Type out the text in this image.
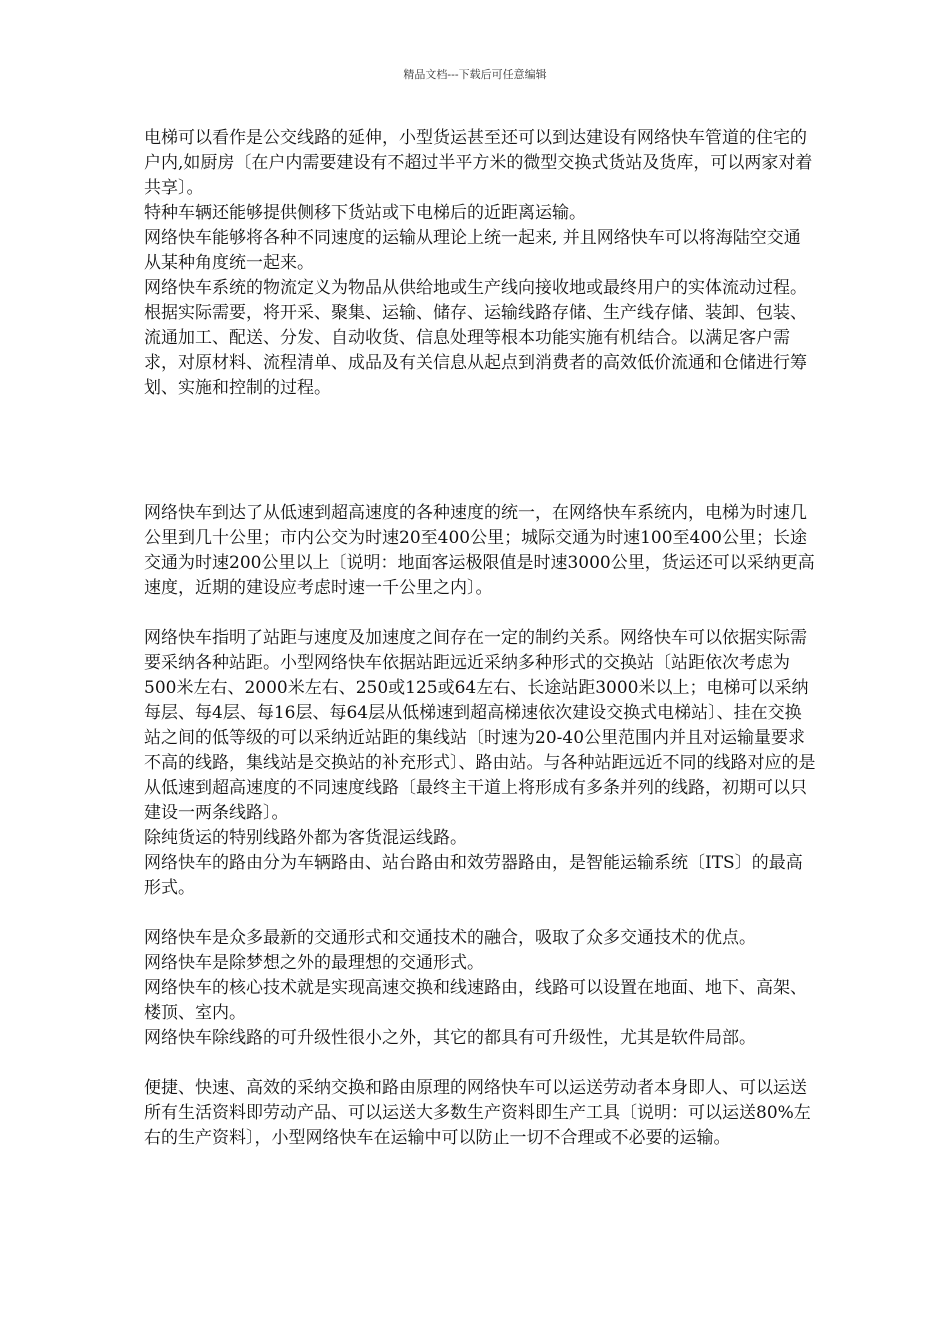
精品文档---下载后可任意编辑

电梯可以看作是公交线路的延伸，小型货运甚至还可以到达建设有网络快车管道的住宅的户内,如厨房〔在户内需要建设有不超过半平方米的微型交换式货站及货库，可以两家对着共享〕。

特种车辆还能够提供侧移下货站或下电梯后的近距离运输。

网络快车能够将各种不同速度的运输从理论上统一起来, 并且网络快车可以将海陆空交通从某种角度统一起来。

网络快车系统的物流定义为物品从供给地或生产线向接收地或最终用户的实体流动过程。根据实际需要，将开采、聚集、运输、储存、运输线路存储、生产线存储、装卸、包装、流通加工、配送、分发、自动收货、信息处理等根本功能实施有机结合。以满足客户需求，对原材料、流程清单、成品及有关信息从起点到消费者的高效低价流通和仓储进行筹划、实施和控制的过程。

网络快车到达了从低速到超高速度的各种速度的统一，在网络快车系统内，电梯为时速几公里到几十公里；市内公交为时速20至400公里；城际交通为时速100至400公里；长途交通为时速200公里以上〔说明：地面客运极限值是时速3000公里，货运还可以采纳更高速度，近期的建设应考虑时速一千公里之内〕。

网络快车指明了站距与速度及加速度之间存在一定的制约关系。网络快车可以依据实际需要采纳各种站距。小型网络快车依据站距远近采纳多种形式的交换站〔站距依次考虑为500米左右、2000米左右、250或125或64左右、长途站距3000米以上；电梯可以采纳每层、每4层、每16层、每64层从低梯速到超高梯速依次建设交换式电梯站〕、挂在交换站之间的低等级的可以采纳近站距的集线站〔时速为20-40公里范围内并且对运输量要求不高的线路，集线站是交换站的补充形式〕、路由站。与各种站距远近不同的线路对应的是从低速到超高速度的不同速度线路〔最终主干道上将形成有多条并列的线路，初期可以只建设一两条线路〕。

除纯货运的特别线路外都为客货混运线路。

网络快车的路由分为车辆路由、站台路由和效劳器路由，是智能运输系统〔ITS〕的最高形式。

网络快车是众多最新的交通形式和交通技术的融合，吸取了众多交通技术的优点。

网络快车是除梦想之外的最理想的交通形式。

网络快车的核心技术就是实现高速交换和线速路由，线路可以设置在地面、地下、高架、楼顶、室内。

网络快车除线路的可升级性很小之外，其它的都具有可升级性，尤其是软件局部。

便捷、快速、高效的采纳交换和路由原理的网络快车可以运送劳动者本身即人、可以运送所有生活资料即劳动产品、可以运送大多数生产资料即生产工具〔说明：可以运送80%左右的生产资料〕，小型网络快车在运输中可以防止一切不合理或不必要的运输。
